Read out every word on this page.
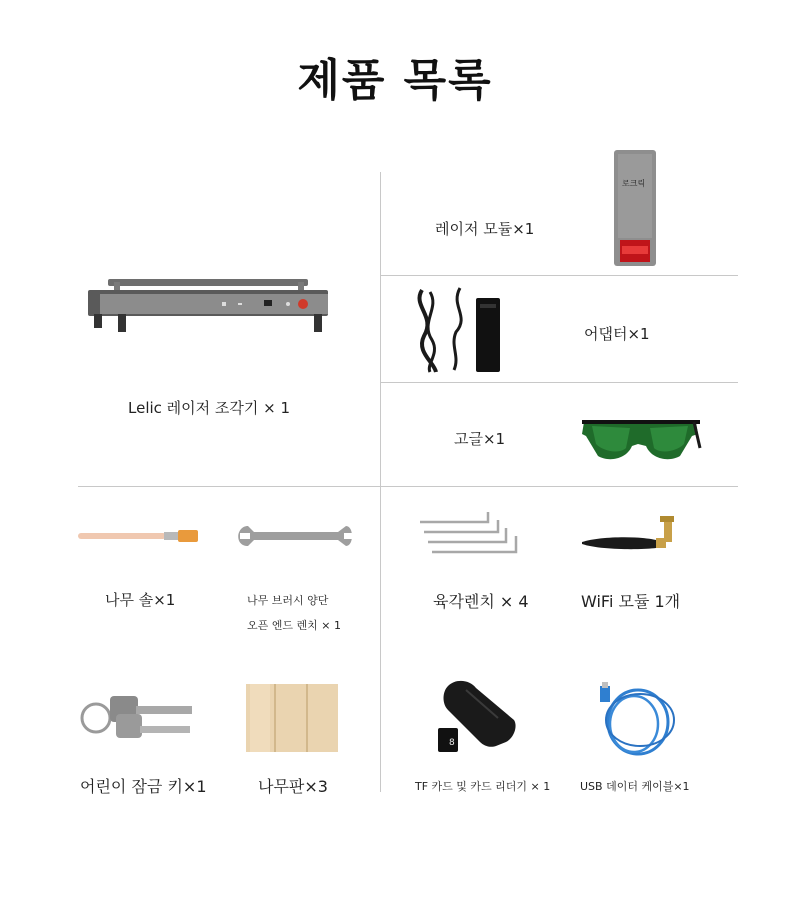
제품 목록
Lelic 레이저 조각기 × 1
로크릭
레이저 모듈×1
어댑터×1
고글×1
나무 솔×1	나무 브러시 양단
오픈 엔드 렌치 × 1
육각렌치 × 4	WiFi 모듈 1개
어린이 잠금 키×1	나무판×3
8
TF 카드 및 카드 리더기 × 1	USB 데이터 케이블×1
